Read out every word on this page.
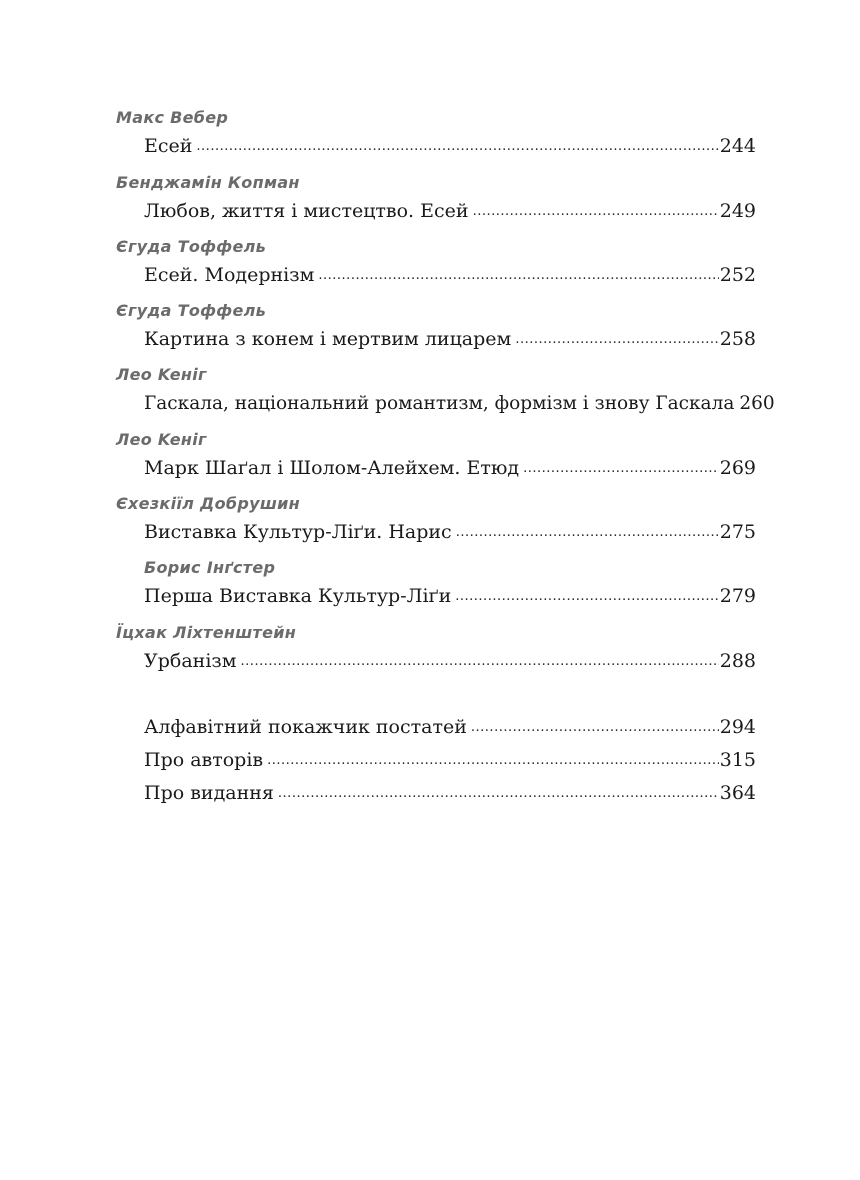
Макс Вебер
Есей .....	244
Бенджамін Копман
Любов, життя і мистецтво. Есей .....	249
Єгуда Тоффель
Есей. Модернізм .....	252
Єгуда Тоффель
Картина з конем і мертвим лицарем .....	258
Лео Keніг
Гаскала, національний романтизм, формізм і знову Гаскала 260
Лео Keніг
Марк Шаґал і Шолом-Алейхем. Етюд .....	269
Єхезкіїл Добрушин
Виставка Культур-Ліґи. Нарис .....	275
Борис Інґстер
Перша Виставка Культур-Ліґи .....	279
Їцхак Ліхтенштейн
Урбанізм .....	288
Алфавітний покажчик постатей .....	294
Про авторів .....	315
Про видання .....	364
